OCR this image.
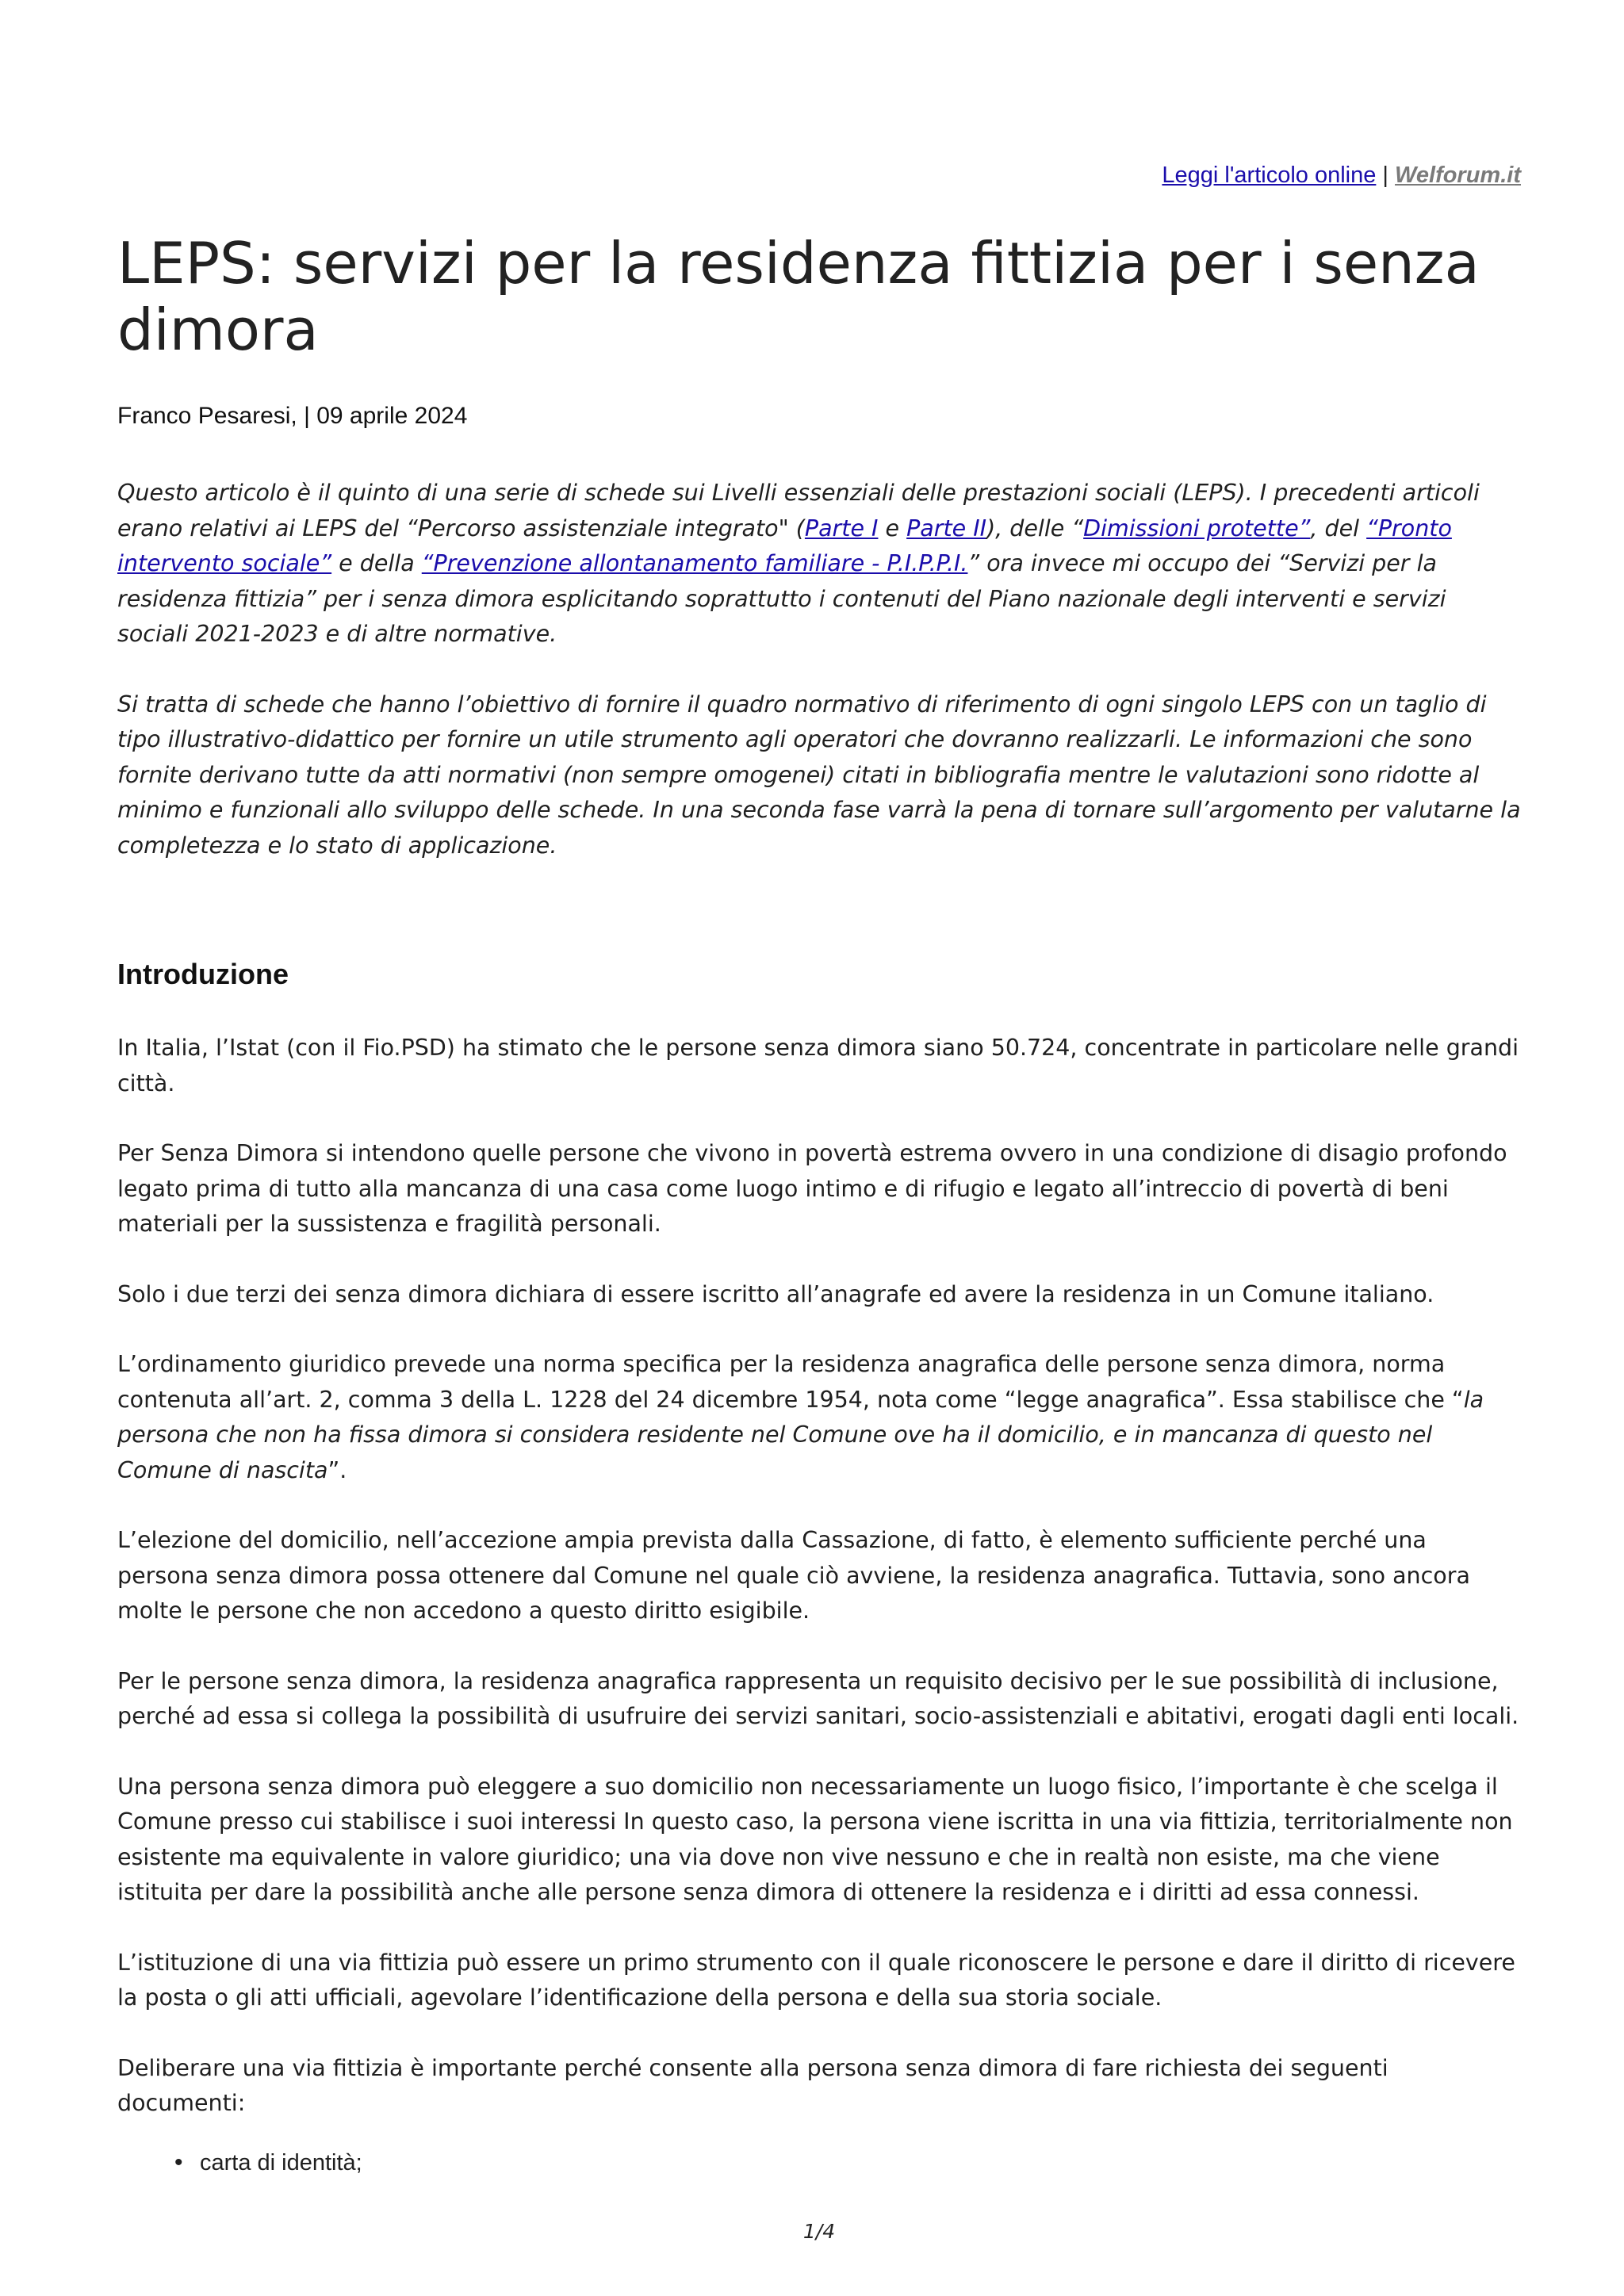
Leggi l'articolo online | Welforum.it
LEPS: servizi per la residenza fittizia per i senza dimora
Franco Pesaresi, | 09 aprile 2024

Questo articolo è il quinto di una serie di schede sui Livelli essenziali delle prestazioni sociali (LEPS). I precedenti articoli erano relativi ai LEPS del “Percorso assistenziale integrato" (Parte I e Parte II), delle “Dimissioni protette”, del “Pronto intervento sociale” e della “Prevenzione allontanamento familiare - P.I.P.P.I.” ora invece mi occupo dei “Servizi per la residenza fittizia” per i senza dimora esplicitando soprattutto i contenuti del Piano nazionale degli interventi e servizi sociali 2021-2023 e di altre normative.

Si tratta di schede che hanno l’obiettivo di fornire il quadro normativo di riferimento di ogni singolo LEPS con un taglio di tipo illustrativo-didattico per fornire un utile strumento agli operatori che dovranno realizzarli. Le informazioni che sono fornite derivano tutte da atti normativi (non sempre omogenei) citati in bibliografia mentre le valutazioni sono ridotte al minimo e funzionali allo sviluppo delle schede. In una seconda fase varrà la pena di tornare sull’argomento per valutarne la completezza e lo stato di applicazione.

Introduzione

In Italia, l’Istat (con il Fio.PSD) ha stimato che le persone senza dimora siano 50.724, concentrate in particolare nelle grandi città.

Per Senza Dimora si intendono quelle persone che vivono in povertà estrema ovvero in una condizione di disagio profondo legato prima di tutto alla mancanza di una casa come luogo intimo e di rifugio e legato all’intreccio di povertà di beni materiali per la sussistenza e fragilità personali.

Solo i due terzi dei senza dimora dichiara di essere iscritto all’anagrafe ed avere la residenza in un Comune italiano.

L’ordinamento giuridico prevede una norma specifica per la residenza anagrafica delle persone senza dimora, norma contenuta all’art. 2, comma 3 della L. 1228 del 24 dicembre 1954, nota come “legge anagrafica”. Essa stabilisce che “la persona che non ha fissa dimora si considera residente nel Comune ove ha il domicilio, e in mancanza di questo nel Comune di nascita”.

L’elezione del domicilio, nell’accezione ampia prevista dalla Cassazione, di fatto, è elemento sufficiente perché una persona senza dimora possa ottenere dal Comune nel quale ciò avviene, la residenza anagrafica. Tuttavia, sono ancora molte le persone che non accedono a questo diritto esigibile.

Per le persone senza dimora, la residenza anagrafica rappresenta un requisito decisivo per le sue possibilità di inclusione, perché ad essa si collega la possibilità di usufruire dei servizi sanitari, socio-assistenziali e abitativi, erogati dagli enti locali.

Una persona senza dimora può eleggere a suo domicilio non necessariamente un luogo fisico, l’importante è che scelga il Comune presso cui stabilisce i suoi interessi In questo caso, la persona viene iscritta in una via fittizia, territorialmente non esistente ma equivalente in valore giuridico; una via dove non vive nessuno e che in realtà non esiste, ma che viene istituita per dare la possibilità anche alle persone senza dimora di ottenere la residenza e i diritti ad essa connessi.

L’istituzione di una via fittizia può essere un primo strumento con il quale riconoscere le persone e dare il diritto di ricevere la posta o gli atti ufficiali, agevolare l’identificazione della persona e della sua storia sociale.

Deliberare una via fittizia è importante perché consente alla persona senza dimora di fare richiesta dei seguenti documenti:

• carta di identità;
1/4
